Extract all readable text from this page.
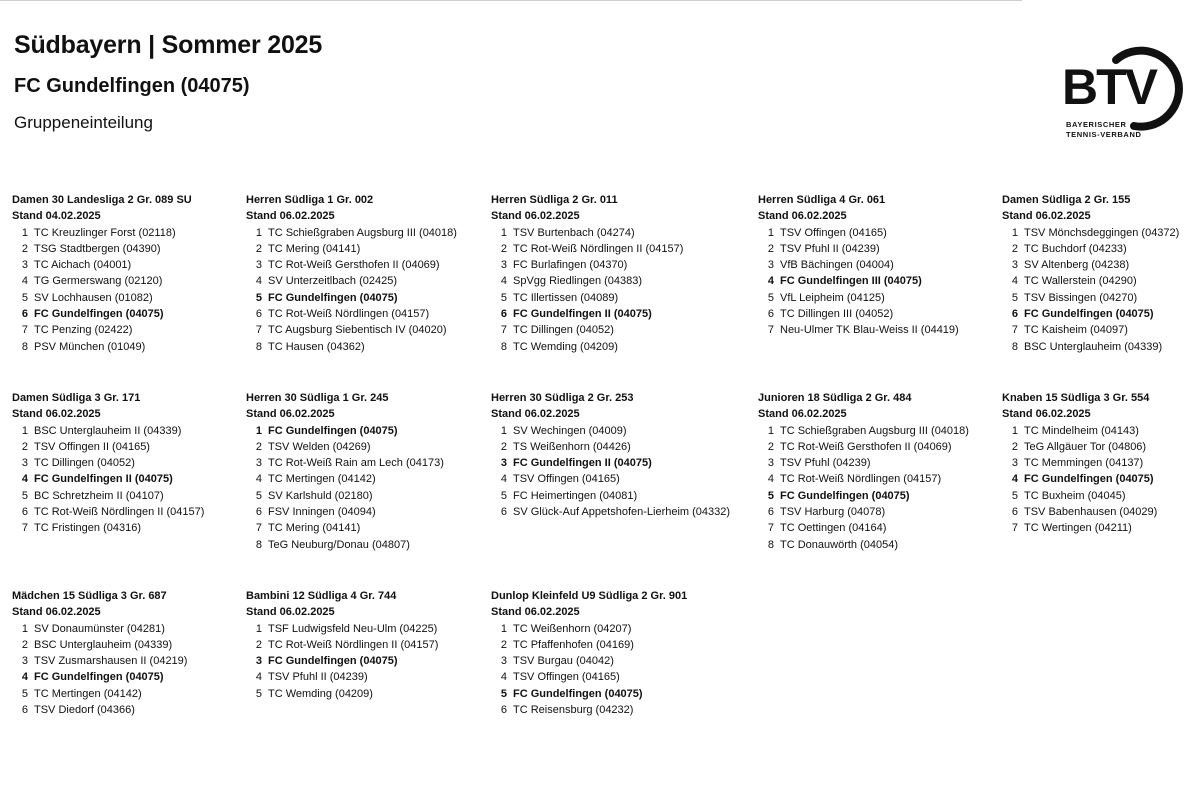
Südbayern | Sommer 2025
FC Gundelfingen (04075)
Gruppeneinteilung
BTV
BAYERISCHER
TENNIS-VERBAND
Damen 30 Landesliga 2 Gr. 089 SU
Stand 04.02.2025
1 TC Kreuzlinger Forst (02118)
2 TSG Stadtbergen (04390)
3 TC Aichach (04001)
4 TG Germerswang (02120)
5 SV Lochhausen (01082)
6 FC Gundelfingen (04075)
7 TC Penzing (02422)
8 PSV München (01049)
Herren Südliga 1 Gr. 002
Stand 06.02.2025
1 TC Schießgraben Augsburg III (04018)
2 TC Mering (04141)
3 TC Rot-Weiß Gersthofen II (04069)
4 SV Unterzeitlbach (02425)
5 FC Gundelfingen (04075)
6 TC Rot-Weiß Nördlingen (04157)
7 TC Augsburg Siebentisch IV (04020)
8 TC Hausen (04362)
Herren Südliga 2 Gr. 011
Stand 06.02.2025
1 TSV Burtenbach (04274)
2 TC Rot-Weiß Nördlingen II (04157)
3 FC Burlafingen (04370)
4 SpVgg Riedlingen (04383)
5 TC Illertissen (04089)
6 FC Gundelfingen II (04075)
7 TC Dillingen (04052)
8 TC Wemding (04209)
Herren Südliga 4 Gr. 061
Stand 06.02.2025
1 TSV Offingen (04165)
2 TSV Pfuhl II (04239)
3 VfB Bächingen (04004)
4 FC Gundelfingen III (04075)
5 VfL Leipheim (04125)
6 TC Dillingen III (04052)
7 Neu-Ulmer TK Blau-Weiss II (04419)
Damen Südliga 2 Gr. 155
Stand 06.02.2025
1 TSV Mönchsdeggingen (04372)
2 TC Buchdorf (04233)
3 SV Altenberg (04238)
4 TC Wallerstein (04290)
5 TSV Bissingen (04270)
6 FC Gundelfingen (04075)
7 TC Kaisheim (04097)
8 BSC Unterglauheim (04339)
Damen Südliga 3 Gr. 171
Stand 06.02.2025
1 BSC Unterglauheim II (04339)
2 TSV Offingen II (04165)
3 TC Dillingen (04052)
4 FC Gundelfingen II (04075)
5 BC Schretzheim II (04107)
6 TC Rot-Weiß Nördlingen II (04157)
7 TC Fristingen (04316)
Herren 30 Südliga 1 Gr. 245
Stand 06.02.2025
1 FC Gundelfingen (04075)
2 TSV Welden (04269)
3 TC Rot-Weiß Rain am Lech (04173)
4 TC Mertingen (04142)
5 SV Karlshuld (02180)
6 FSV Inningen (04094)
7 TC Mering (04141)
8 TeG Neuburg/Donau (04807)
Herren 30 Südliga 2 Gr. 253
Stand 06.02.2025
1 SV Wechingen (04009)
2 TS Weißenhorn (04426)
3 FC Gundelfingen II (04075)
4 TSV Offingen (04165)
5 FC Heimertingen (04081)
6 SV Glück-Auf Appetshofen-Lierheim (04332)
Junioren 18 Südliga 2 Gr. 484
Stand 06.02.2025
1 TC Schießgraben Augsburg III (04018)
2 TC Rot-Weiß Gersthofen II (04069)
3 TSV Pfuhl (04239)
4 TC Rot-Weiß Nördlingen (04157)
5 FC Gundelfingen (04075)
6 TSV Harburg (04078)
7 TC Oettingen (04164)
8 TC Donauwörth (04054)
Knaben 15 Südliga 3 Gr. 554
Stand 06.02.2025
1 TC Mindelheim (04143)
2 TeG Allgäuer Tor (04806)
3 TC Memmingen (04137)
4 FC Gundelfingen (04075)
5 TC Buxheim (04045)
6 TSV Babenhausen (04029)
7 TC Wertingen (04211)
Mädchen 15 Südliga 3 Gr. 687
Stand 06.02.2025
1 SV Donaumünster (04281)
2 BSC Unterglauheim (04339)
3 TSV Zusmarshausen II (04219)
4 FC Gundelfingen (04075)
5 TC Mertingen (04142)
6 TSV Diedorf (04366)
Bambini 12 Südliga 4 Gr. 744
Stand 06.02.2025
1 TSF Ludwigsfeld Neu-Ulm (04225)
2 TC Rot-Weiß Nördlingen II (04157)
3 FC Gundelfingen (04075)
4 TSV Pfuhl II (04239)
5 TC Wemding (04209)
Dunlop Kleinfeld U9 Südliga 2 Gr. 901
Stand 06.02.2025
1 TC Weißenhorn (04207)
2 TC Pfaffenhofen (04169)
3 TSV Burgau (04042)
4 TSV Offingen (04165)
5 FC Gundelfingen (04075)
6 TC Reisensburg (04232)
